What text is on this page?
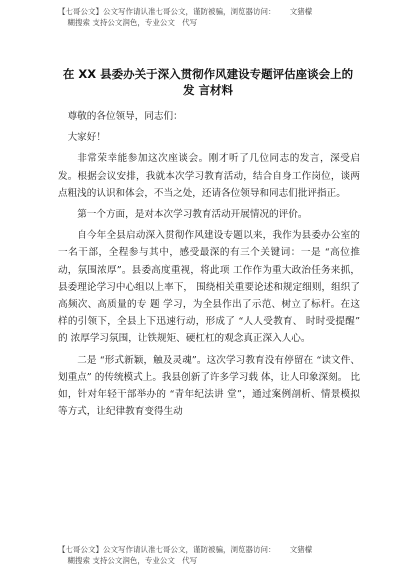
【七哥公文】公文写作请认准七哥公文，谨防被骗，浏览器访问：      文猪檬
糊搜索 支持公文润色，专业公文   代写
在 XX 县委办关于深入贯彻作风建设专题评估座谈会上的
发 言材料

尊敬的各位领导，同志们：

大家好！

非常荣幸能参加这次座谈会。刚才听了几位同志的发言，深受启发。根据会议安排，我就本次学习教育活动，结合自身工作岗位，谈两点粗浅的认识和体会，不当之处，还请各位领导和同志们批评指正。

第一个方面，是对本次学习教育活动开展情况的评价。

自今年全县启动深入贯彻作风建设专题以来，我作为县委办公室的一名干部，全程参与其中，感受最深的有三个关键词：一是 “高位推动，氛围浓厚”。县委高度重视，将此项 工作作为重大政治任务来抓，县委理论学习中心组以上率下， 围绕相关重要论述和规定细则，组织了高频次、高质量的专 题 学习，为全县作出了示范、树立了标杆。在这样的引领下，全县上下迅速行动，形成了 “人人受教育、 时时受提醒” 的 浓厚学习氛围，让铁规矩、硬杠杠的观念真正深入人心。

二是 “形式新颖，触及灵魂”。这次学习教育没有停留在 “读文件、划重点” 的传统模式上。我县创新了许多学习载 体，让人印象深刻。 比如，针对年轻干部举办的 “青年纪法讲 堂”，通过案例剖析、情景模拟等方式，让纪律教育变得生动

【七哥公文】公文写作请认准七哥公文，谨防被骗，浏览器访问：      文猪檬
糊搜索 支持公文润色，专业公文   代写
